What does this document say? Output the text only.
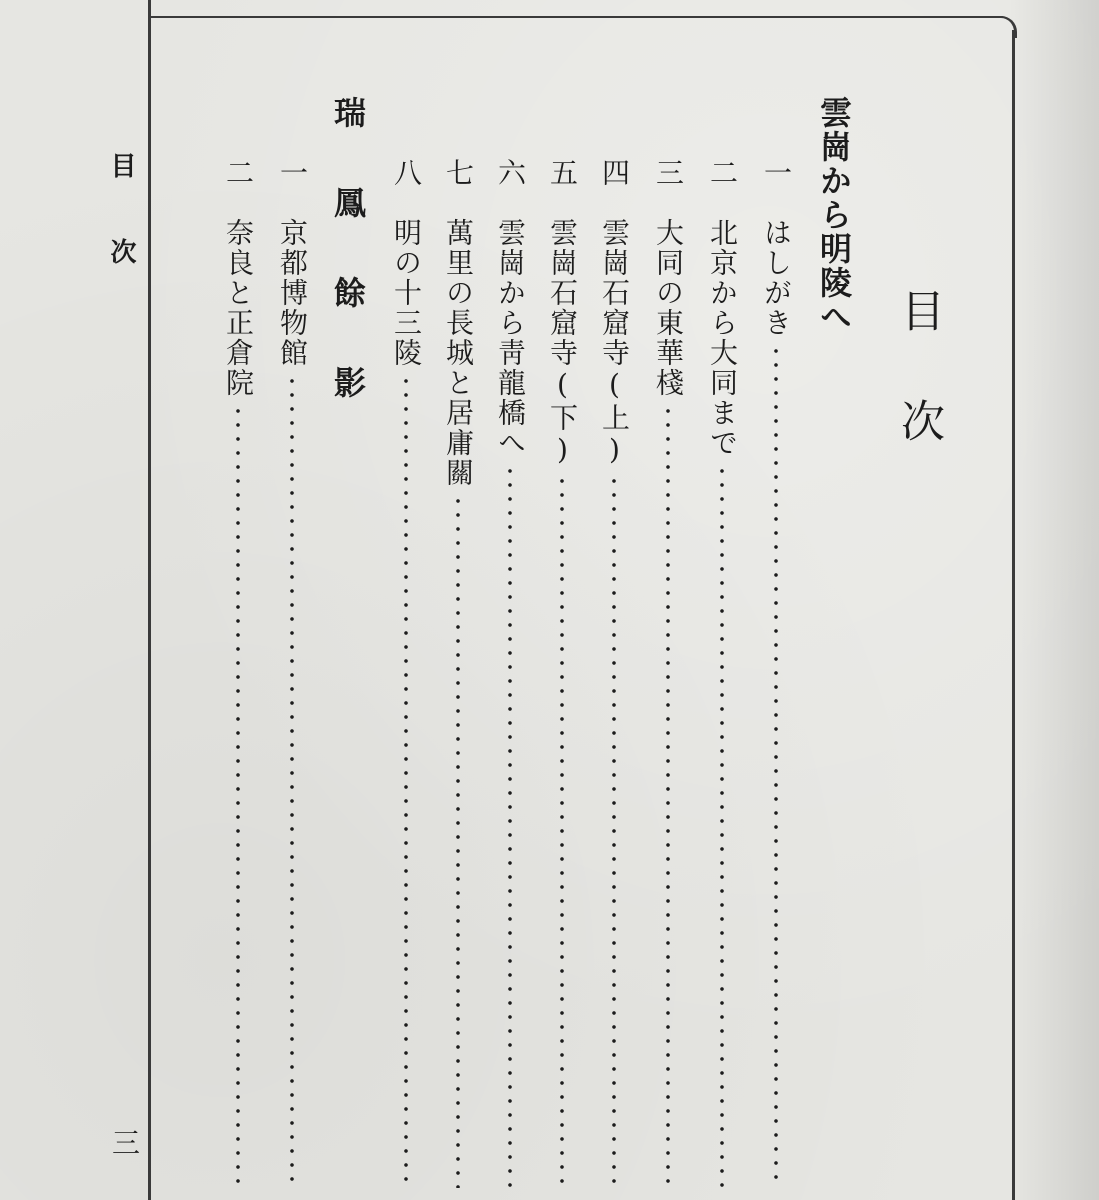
目次
三
目次
雲崗から明陵へ
一
はしがき
二
北京から大同まで
三
大同の東華棧
四
雲崗石窟寺(上)
五
雲崗石窟寺(下)
六
雲崗から靑龍橋へ
七
萬里の長城と居庸關
八
明の十三陵
瑞鳳餘影
一
京都博物館
二
奈良と正倉院
